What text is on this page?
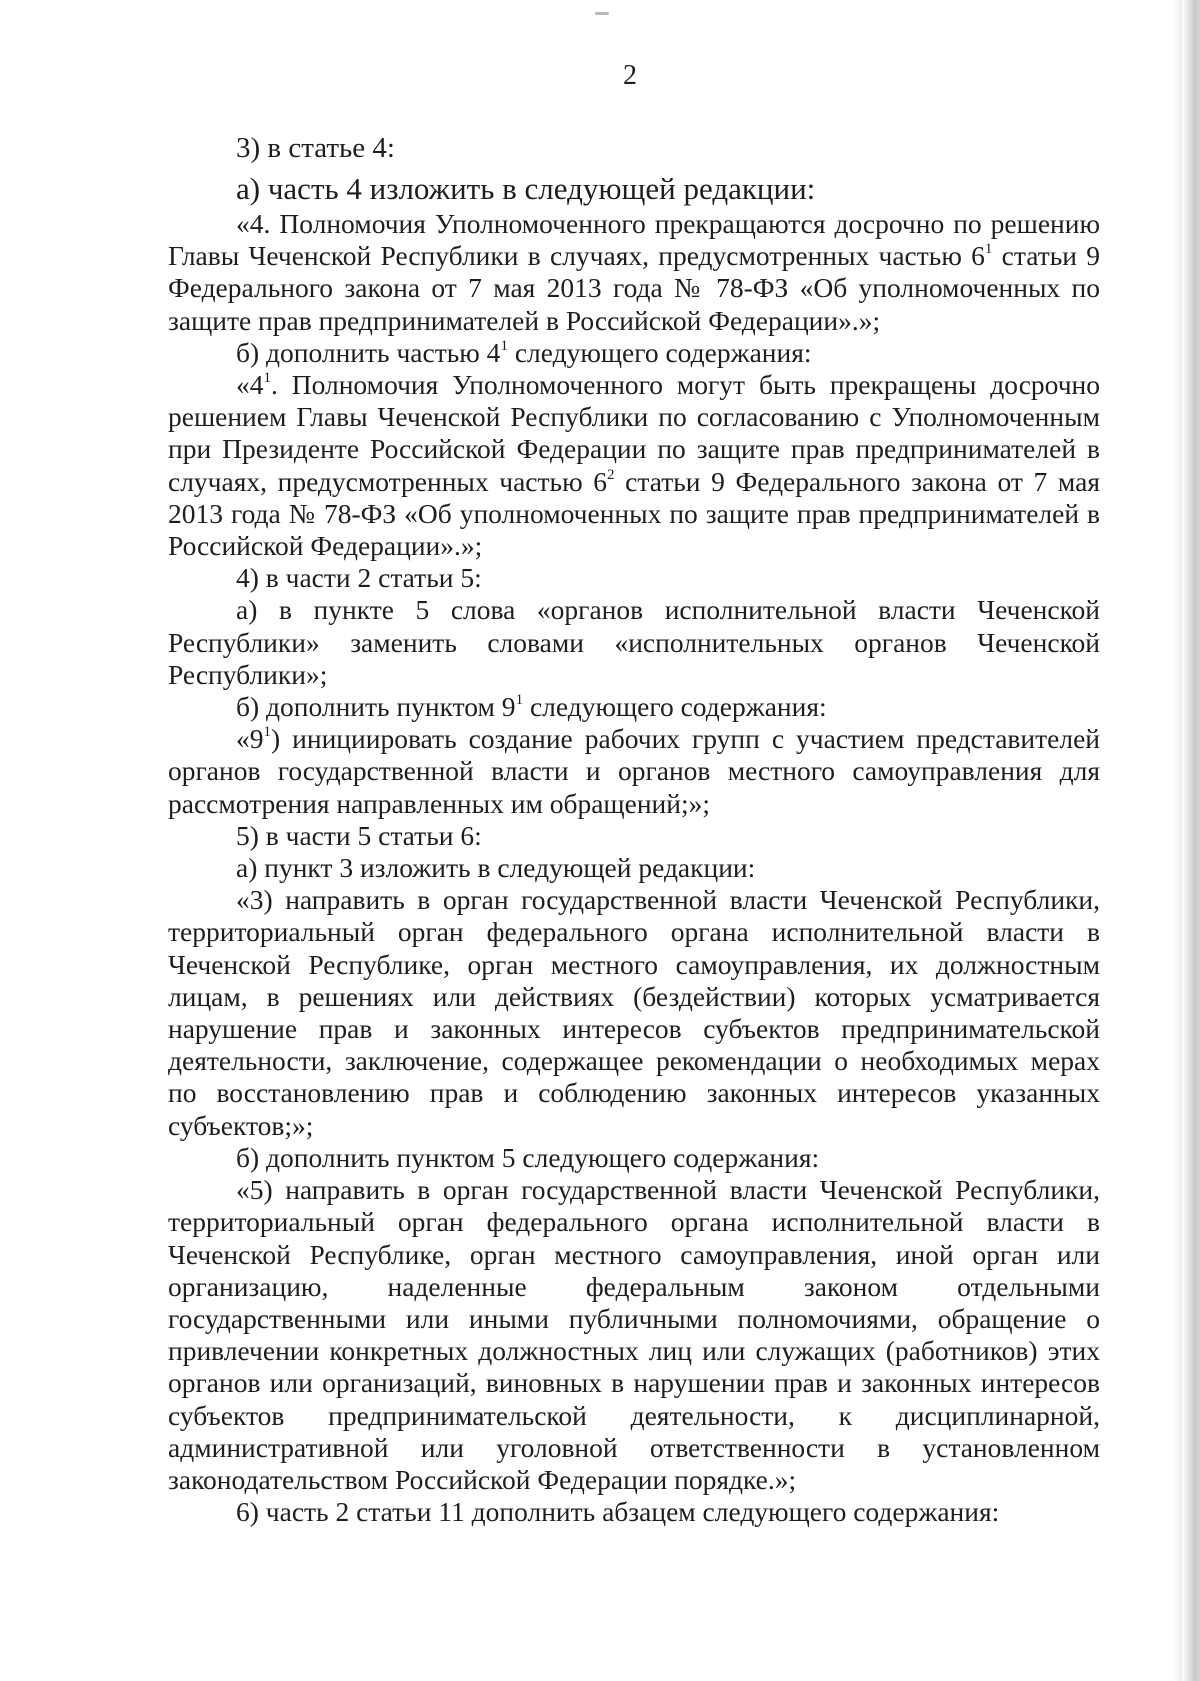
2

3) в статье 4:

а) часть 4 изложить в следующей редакции:

«4. Полномочия Уполномоченного прекращаются досрочно по решению Главы Чеченской Республики в случаях, предусмотренных частью $6^1$ статьи 9 Федерального закона от 7 мая 2013 года № 78-ФЗ «Об уполномоченных по защите прав предпринимателей в Российской Федерации».»;

б) дополнить частью $4^1$ следующего содержания:

«$4^1$. Полномочия Уполномоченного могут быть прекращены досрочно решением Главы Чеченской Республики по согласованию с Уполномоченным при Президенте Российской Федерации по защите прав предпринимателей в случаях, предусмотренных частью $6^2$ статьи 9 Федерального закона от 7 мая 2013 года № 78-ФЗ «Об уполномоченных по защите прав предпринимателей в Российской Федерации».»;

4) в части 2 статьи 5:

а) в пункте 5 слова «органов исполнительной власти Чеченской Республики» заменить словами «исполнительных органов Чеченской Республики»;

б) дополнить пунктом $9^1$ следующего содержания:

«$9^1$) инициировать создание рабочих групп с участием представителей органов государственной власти и органов местного самоуправления для рассмотрения направленных им обращений;»;

5) в части 5 статьи 6:

а) пункт 3 изложить в следующей редакции:

«3) направить в орган государственной власти Чеченской Республики, территориальный орган федерального органа исполнительной власти в Чеченской Республике, орган местного самоуправления, их должностным лицам, в решениях или действиях (бездействии) которых усматривается нарушение прав и законных интересов субъектов предпринимательской деятельности, заключение, содержащее рекомендации о необходимых мерах по восстановлению прав и соблюдению законных интересов указанных субъектов;»;

б) дополнить пунктом 5 следующего содержания:

«5) направить в орган государственной власти Чеченской Республики, территориальный орган федерального органа исполнительной власти в Чеченской Республике, орган местного самоуправления, иной орган или организацию, наделенные федеральным законом отдельными государственными или иными публичными полномочиями, обращение о привлечении конкретных должностных лиц или служащих (работников) этих органов или организаций, виновных в нарушении прав и законных интересов субъектов предпринимательской деятельности, к дисциплинарной, административной или уголовной ответственности в установленном законодательством Российской Федерации порядке.»;

6) часть 2 статьи 11 дополнить абзацем следующего содержания:
